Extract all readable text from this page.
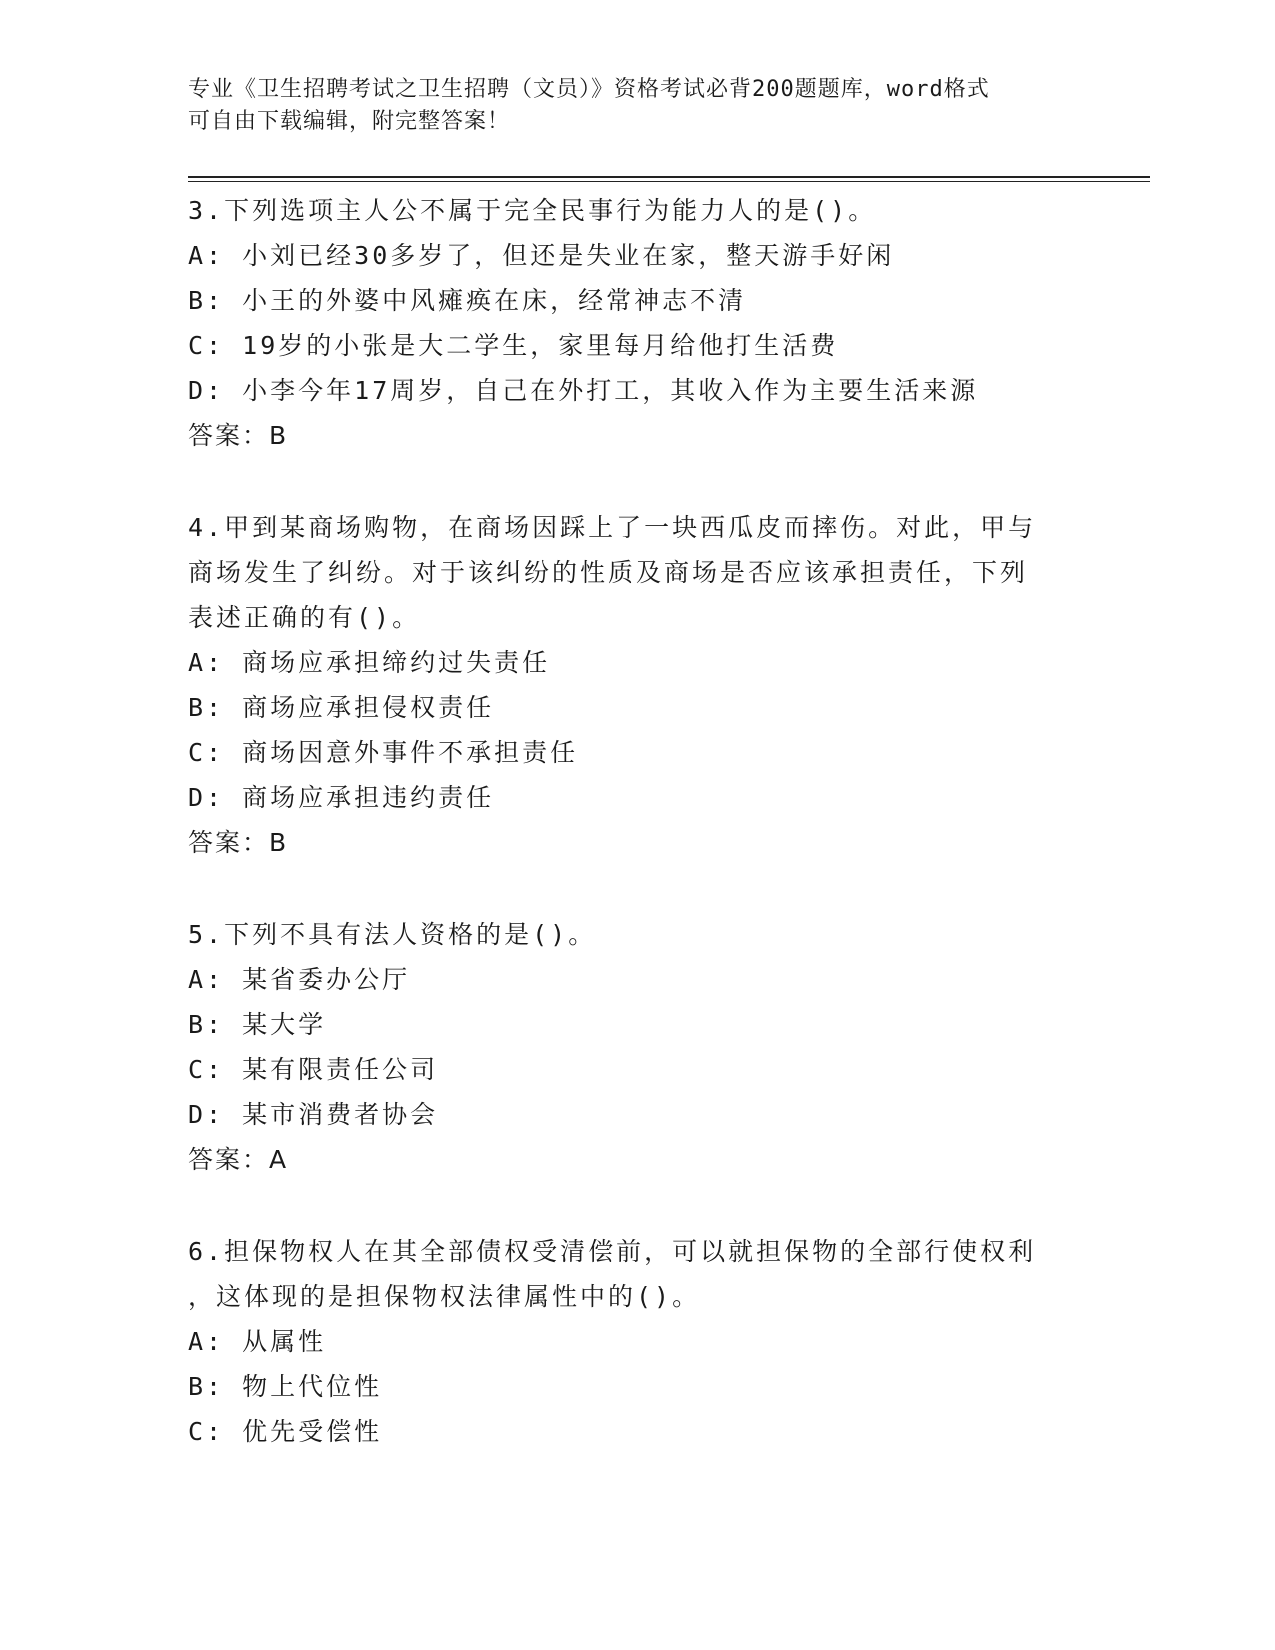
专业《卫生招聘考试之卫生招聘（文员）》资格考试必背200题题库，word格式
可自由下载编辑，附完整答案！
3.下列选项主人公不属于完全民事行为能力人的是()。
A: 小刘已经30多岁了，但还是失业在家，整天游手好闲
B: 小王的外婆中风瘫痪在床，经常神志不清
C: 19岁的小张是大二学生，家里每月给他打生活费
D: 小李今年17周岁，自己在外打工，其收入作为主要生活来源
答案：B
4.甲到某商场购物，在商场因踩上了一块西瓜皮而摔伤。对此，甲与
商场发生了纠纷。对于该纠纷的性质及商场是否应该承担责任，下列
表述正确的有()。
A: 商场应承担缔约过失责任
B: 商场应承担侵权责任
C: 商场因意外事件不承担责任
D: 商场应承担违约责任
答案：B
5.下列不具有法人资格的是()。
A: 某省委办公厅
B: 某大学
C: 某有限责任公司
D: 某市消费者协会
答案：A
6.担保物权人在其全部债权受清偿前，可以就担保物的全部行使权利
，这体现的是担保物权法律属性中的()。
A: 从属性
B: 物上代位性
C: 优先受偿性
